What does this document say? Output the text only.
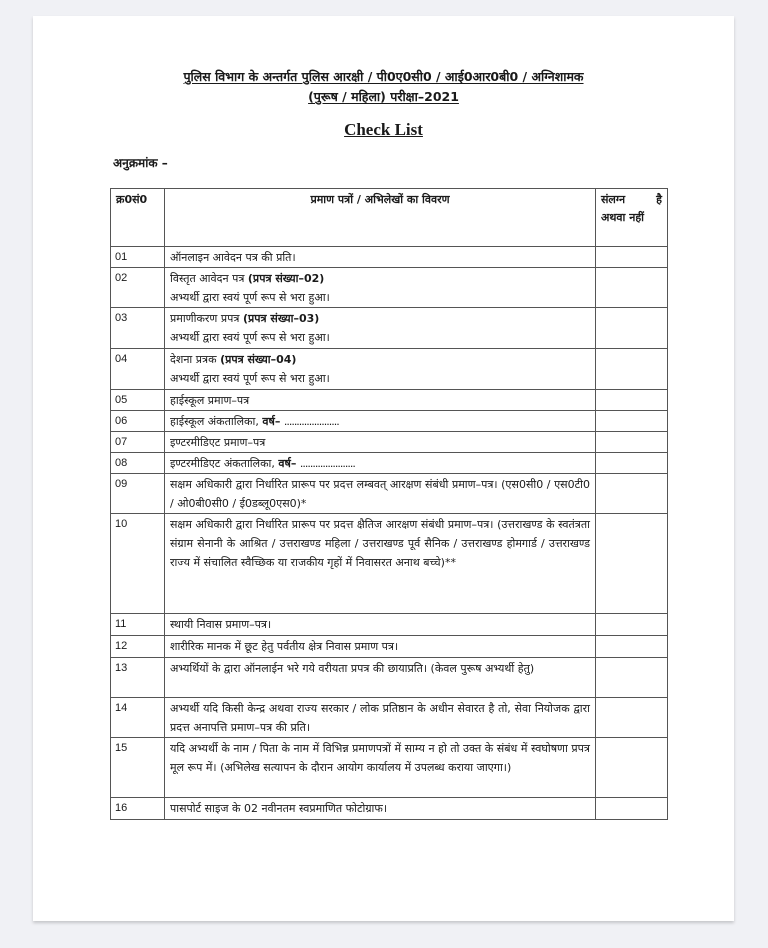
पुलिस विभाग के अन्तर्गत पुलिस आरक्षी / पी0ए0सी0 / आई0आर0बी0 / अग्निशामक
(पुरूष / महिला) परीक्षा–2021
Check List
अनुक्रमांक –
क्र0सं0	प्रमाण पत्रों / अभिलेखों का विवरण	संलग्न है अथवा नहीं
01	ऑनलाइन आवेदन पत्र की प्रति।	
02	विस्तृत आवेदन पत्र (प्रपत्र संख्या–02)
अभ्यर्थी द्वारा स्वयं पूर्ण रूप से भरा हुआ।	

03	प्रमाणीकरण प्रपत्र (प्रपत्र संख्या–03)
अभ्यर्थी द्वारा स्वयं पूर्ण रूप से भरा हुआ।	

04	देशना प्रत्रक (प्रपत्र संख्या–04)
अभ्यर्थी द्वारा स्वयं पूर्ण रूप से भरा हुआ।	

05	हाईस्कूल प्रमाण–पत्र	
06	हाईस्कूल अंकतालिका, वर्ष– ......................	
07	इण्टरमीडिएट प्रमाण–पत्र	
08	इण्टरमीडिएट अंकतालिका, वर्ष– ......................	
09	सक्षम अधिकारी द्वारा निर्धारित प्रारूप पर प्रदत्त लम्बवत् आरक्षण संबंधी प्रमाण–पत्र। (एस0सी0 / एस0टी0 / ओ0बी0सी0 / ई0डब्लू0एस0)*	
10	सक्षम अधिकारी द्वारा निर्धारित प्रारूप पर प्रदत्त क्षैतिज आरक्षण संबंधी प्रमाण–पत्र। (उत्तराखण्ड के स्वतंत्रता संग्राम सेनानी के आश्रित / उत्तराखण्ड महिला / उत्तराखण्ड पूर्व सैनिक / उत्तराखण्ड होमगार्ड / उत्तराखण्ड राज्य में संचालित स्वैच्छिक या राजकीय गृहों में निवासरत अनाथ बच्चे)**	
11	स्थायी निवास प्रमाण–पत्र।	
12	शारीरिक मानक में छूट हेतु पर्वतीय क्षेत्र निवास प्रमाण पत्र।	
13	अभ्यर्थियों के द्वारा ऑनलाईन भरे गये वरीयता प्रपत्र की छायाप्रति। (केवल पुरूष अभ्यर्थी हेतु)	
14	अभ्यर्थी यदि किसी केन्द्र अथवा राज्य सरकार / लोक प्रतिष्ठान के अधीन सेवारत है तो, सेवा नियोजक द्वारा प्रदत्त अनापत्ति प्रमाण–पत्र की प्रति।	
15	यदि अभ्यर्थी के नाम / पिता के नाम में विभिन्न प्रमाणपत्रों में साम्य न हो तो उक्त के संबंध में स्वघोषणा प्रपत्र मूल रूप में। (अभिलेख सत्यापन के दौरान आयोग कार्यालय में उपलब्ध कराया जाएगा।)	
16	पासपोर्ट साइज के 02 नवीनतम स्वप्रमाणित फोटोग्राफ।	
